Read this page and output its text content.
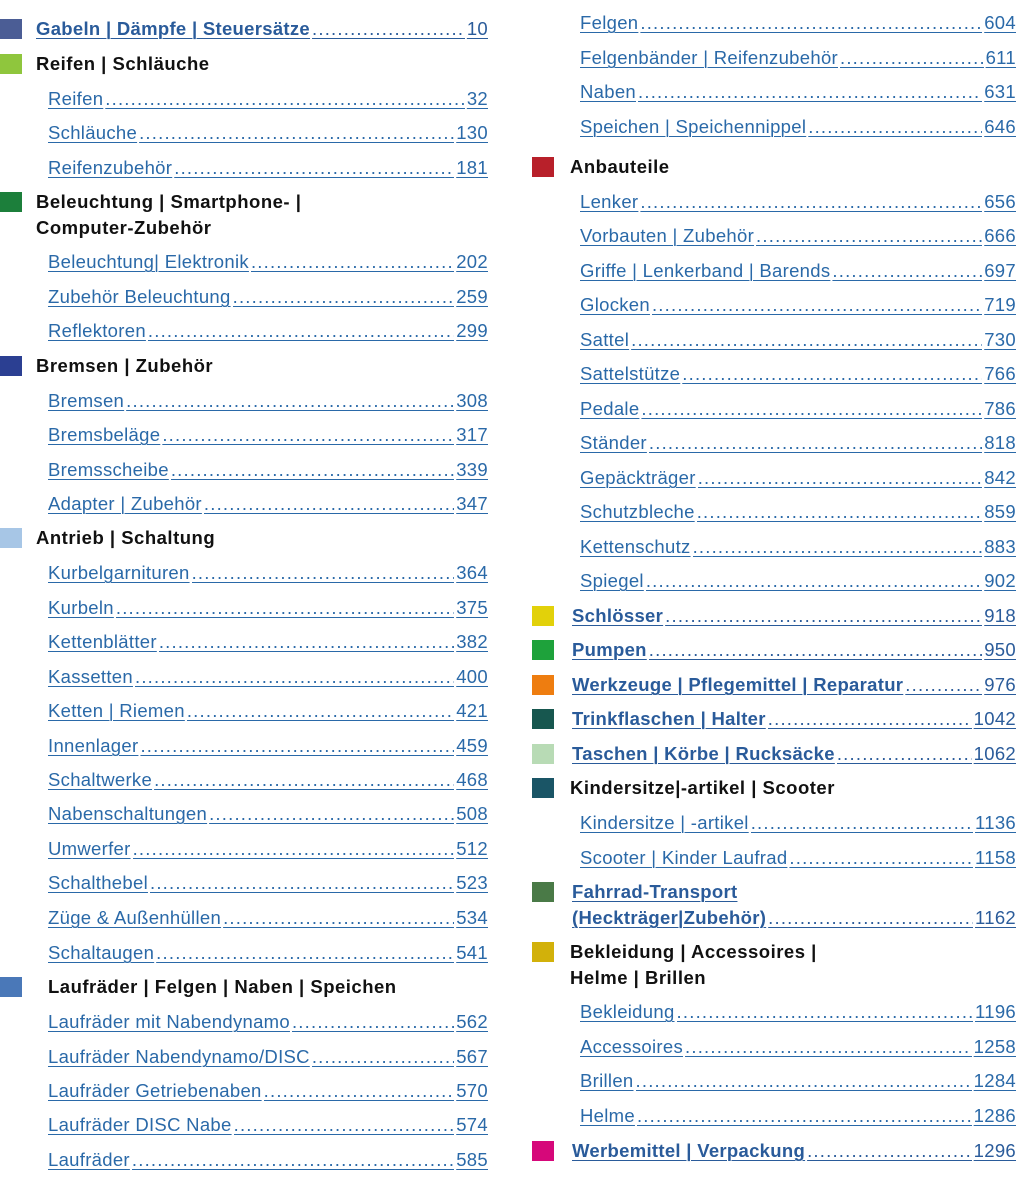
Gabeln | Dämpfe | Steuersätze .....	10
Reifen | Schläuche
Reifen .....	32
Schläuche .....	130
Reifenzubehör .....	181
Beleuchtung | Smartphone- |
Computer-Zubehör
Beleuchtung| Elektronik .....	202
Zubehör Beleuchtung .....	259
Reflektoren .....	299
Bremsen | Zubehör
Bremsen .....	308
Bremsbeläge .....	317
Bremsscheibe .....	339
Adapter | Zubehör .....	347
Antrieb | Schaltung
Kurbelgarnituren .....	364
Kurbeln .....	375
Kettenblätter .....	382
Kassetten .....	400
Ketten | Riemen .....	421
Innenlager .....	459
Schaltwerke .....	468
Nabenschaltungen .....	508
Umwerfer .....	512
Schalthebel .....	523
Züge & Außenhüllen .....	534
Schaltaugen .....	541
Laufräder | Felgen | Naben | Speichen
Laufräder mit Nabendynamo .....	562
Laufräder Nabendynamo/DISC .....	567
Laufräder Getriebenaben .....	570
Laufräder DISC Nabe .....	574
Laufräder .....	585
Felgen .....	604
Felgenbänder | Reifenzubehör .....	611
Naben .....	631
Speichen | Speichennippel .....	646
Anbauteile
Lenker .....	656
Vorbauten | Zubehör .....	666
Griffe | Lenkerband | Barends .....	697
Glocken .....	719
Sattel .....	730
Sattelstütze .....	766
Pedale .....	786
Ständer .....	818
Gepäckträger .....	842
Schutzbleche .....	859
Kettenschutz .....	883
Spiegel .....	902
Schlösser .....	918
Pumpen .....	950
Werkzeuge | Pflegemittel | Reparatur .....	976
Trinkflaschen | Halter .....	1042
Taschen | Körbe | Rucksäcke .....	1062
Kindersitze|-artikel | Scooter
Kindersitze | -artikel .....	1136
Scooter | Kinder Laufrad .....	1158
Fahrrad-Transport
(Heckträger|Zubehör) .....	1162
Bekleidung | Accessoires |
Helme | Brillen
Bekleidung .....	1196
Accessoires .....	1258
Brillen .....	1284
Helme .....	1286
Werbemittel | Verpackung .....	1296
